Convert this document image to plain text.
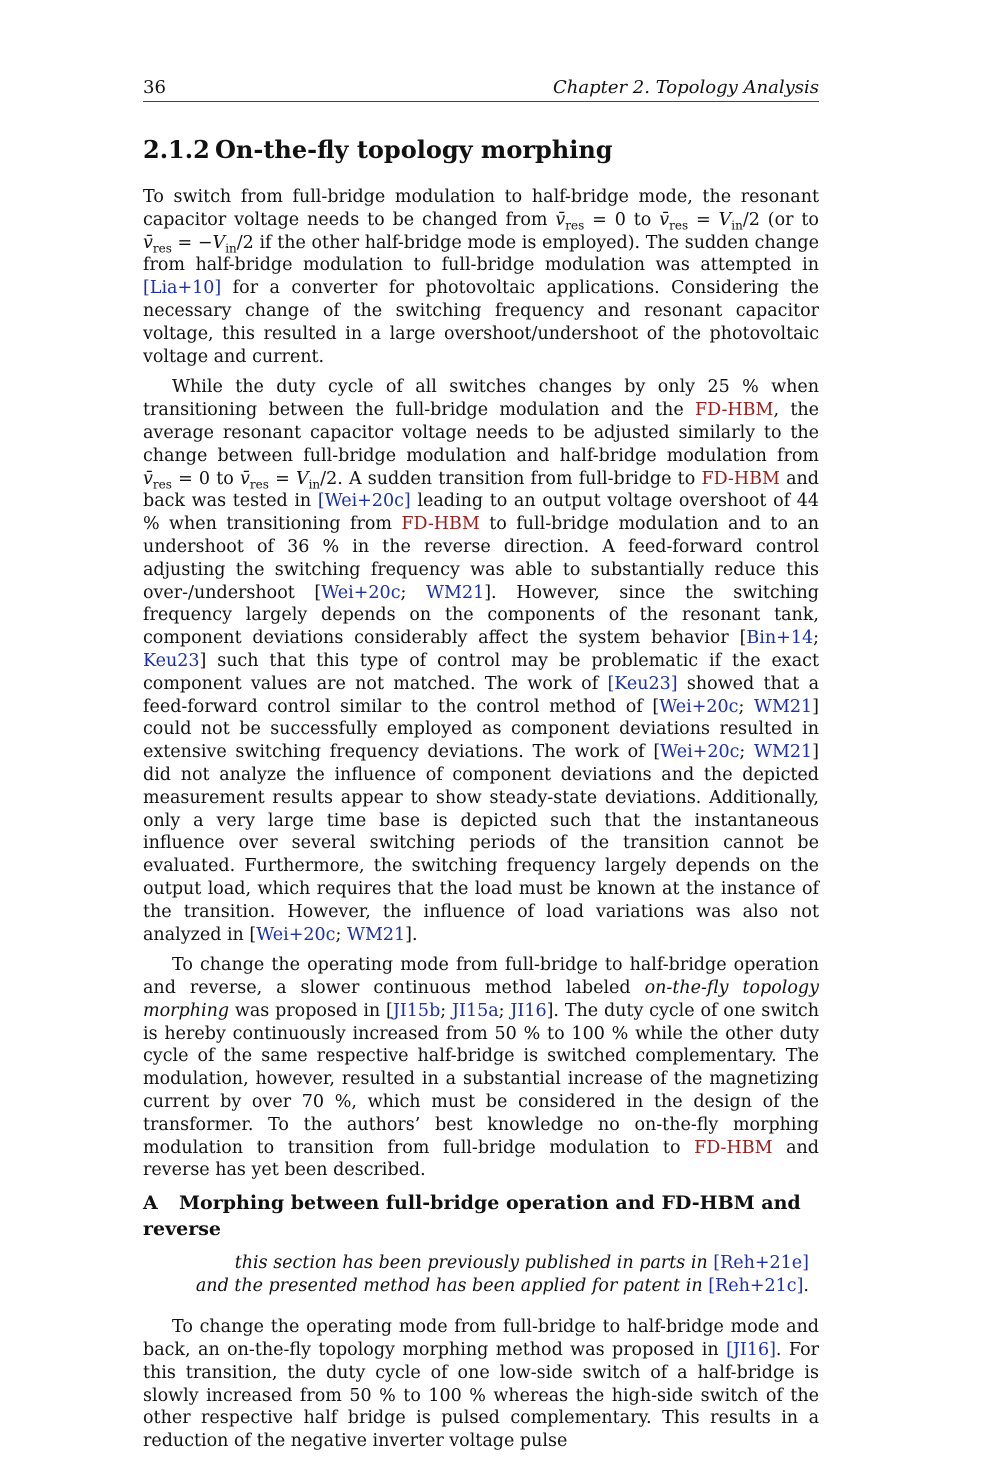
36	Chapter 2. Topology Analysis
2.1.2 On-the-fly topology morphing

To switch from full-bridge modulation to half-bridge mode, the resonant capacitor voltage needs to be changed from $v̄_{res} = 0$ to $v̄_{res} = V_{in}/2$ (or to $v̄_{res} = -V_{in}/2$ if the other half-bridge mode is employed). The sudden change from half-bridge modulation to full-bridge modulation was attempted in [Lia+10] for a converter for photovoltaic applications. Considering the necessary change of the switching frequency and resonant capacitor voltage, this resulted in a large overshoot/undershoot of the photovoltaic voltage and current.

While the duty cycle of all switches changes by only 25 % when transitioning between the full-bridge modulation and the FD-HBM, the average resonant capacitor voltage needs to be adjusted similarly to the change between full-bridge modulation and half-bridge modulation from $v̄_{res} = 0$ to $v̄_{res} = V_{in}/2$. A sudden transition from full-bridge to FD-HBM and back was tested in [Wei+20c] leading to an output voltage overshoot of 44 % when transitioning from FD-HBM to full-bridge modulation and to an undershoot of 36 % in the reverse direction. A feed-forward control adjusting the switching frequency was able to substantially reduce this over-/undershoot [Wei+20c; WM21]. However, since the switching frequency largely depends on the components of the resonant tank, component deviations considerably affect the system behavior [Bin+14; Keu23] such that this type of control may be problematic if the exact component values are not matched. The work of [Keu23] showed that a feed-forward control similar to the control method of [Wei+20c; WM21] could not be successfully employed as component deviations resulted in extensive switching frequency deviations. The work of [Wei+20c; WM21] did not analyze the influence of component deviations and the depicted measurement results appear to show steady-state deviations. Additionally, only a very large time base is depicted such that the instantaneous influence over several switching periods of the transition cannot be evaluated. Furthermore, the switching frequency largely depends on the output load, which requires that the load must be known at the instance of the transition. However, the influence of load variations was also not analyzed in [Wei+20c; WM21].

To change the operating mode from full-bridge to half-bridge operation and reverse, a slower continuous method labeled on-the-fly topology morphing was proposed in [JI15b; JI15a; JI16]. The duty cycle of one switch is hereby continuously increased from 50 % to 100 % while the other duty cycle of the same respective half-bridge is switched complementary. The modulation, however, resulted in a substantial increase of the magnetizing current by over 70 %, which must be considered in the design of the transformer. To the authors’ best knowledge no on-the-fly morphing modulation to transition from full-bridge modulation to FD-HBM and reverse has yet been described.

A Morphing between full-bridge operation and FD-HBM and reverse
this section has been previously published in parts in [Reh+21e]
and the presented method has been applied for patent in [Reh+21c].

To change the operating mode from full-bridge to half-bridge mode and back, an on-the-fly topology morphing method was proposed in [JI16]. For this transition, the duty cycle of one low-side switch of a half-bridge is slowly increased from 50 % to 100 % whereas the high-side switch of the other respective half bridge is pulsed complementary. This results in a reduction of the negative inverter voltage pulse
